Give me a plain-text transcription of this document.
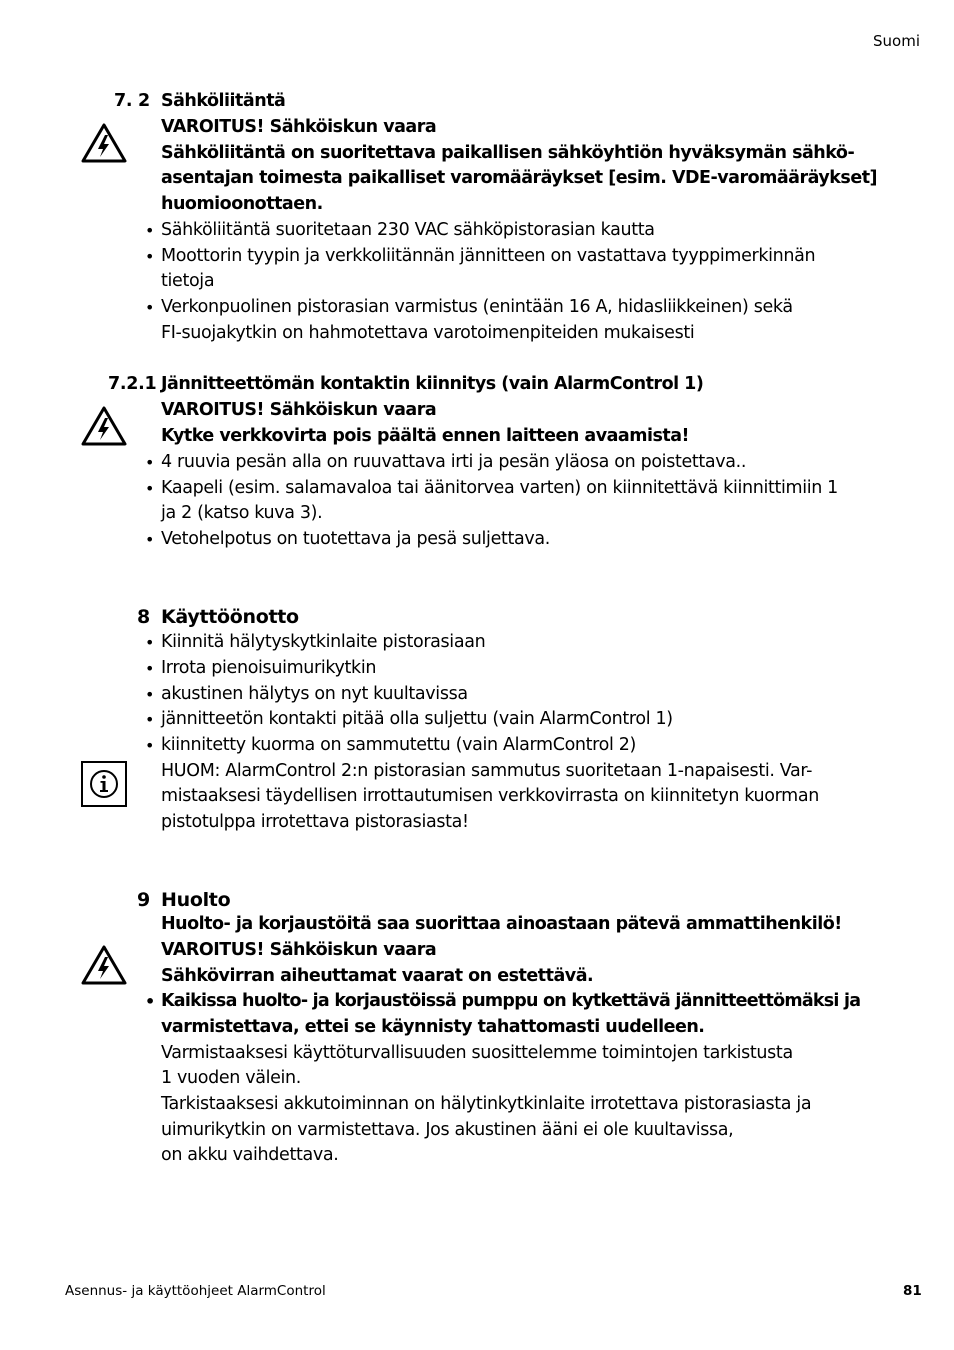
Suomi
7. 2 Sähköliitäntä
VAROITUS! Sähköiskun vaara
Sähköliitäntä on suoritettava paikallisen sähköyhtiön hyväksymän sähkö-
asentajan toimesta paikalliset varomääräykset [esim. VDE-varomääräykset]
huomioonottaen.
• Sähköliitäntä suoritetaan 230 VAC sähköpistorasian kautta
• Moottorin tyypin ja verkkoliitännän jännitteen on vastattava tyyppimerkinnän
tietoja
• Verkonpuolinen pistorasian varmistus (enintään 16 A, hidasliikkeinen) sekä
FI-suojakytkin on hahmotettava varotoimenpiteiden mukaisesti
7.2.1 Jännitteettömän kontaktin kiinnitys (vain AlarmControl 1)
VAROITUS! Sähköiskun vaara
Kytke verkkovirta pois päältä ennen laitteen avaamista!
• 4 ruuvia pesän alla on ruuvattava irti ja pesän yläosa on poistettava..
• Kaapeli (esim. salamavaloa tai äänitorvea varten) on kiinnitettävä kiinnittimiin 1
ja 2 (katso kuva 3).
• Vetohelpotus on tuotettava ja pesä suljettava.
8 Käyttöönotto
• Kiinnitä hälytyskytkinlaite pistorasiaan
• Irrota pienoisuimurikytkin
• akustinen hälytys on nyt kuultavissa
• jännitteetön kontakti pitää olla suljettu (vain AlarmControl 1)
• kiinnitetty kuorma on sammutettu (vain AlarmControl 2)
HUOM: AlarmControl 2:n pistorasian sammutus suoritetaan 1-napaisesti. Var-
mistaaksesi täydellisen irrottautumisen verkkovirrasta on kiinnitetyn kuorman
pistotulppa irrotettava pistorasiasta!
9 Huolto
Huolto- ja korjaustöitä saa suorittaa ainoastaan pätevä ammattihenkilö!
VAROITUS! Sähköiskun vaara
Sähkövirran aiheuttamat vaarat on estettävä.
• Kaikissa huolto- ja korjaustöissä pumppu on kytkettävä jännitteettömäksi ja
varmistettava, ettei se käynnisty tahattomasti uudelleen.
Varmistaaksesi käyttöturvallisuuden suosittelemme toimintojen tarkistusta
1 vuoden välein.
Tarkistaaksesi akkutoiminnan on hälytinkytkinlaite irrotettava pistorasiasta ja
uimurikytkin on varmistettava. Jos akustinen ääni ei ole kuultavissa,
on akku vaihdettava.
Asennus- ja käyttöohjeet AlarmControl	81
